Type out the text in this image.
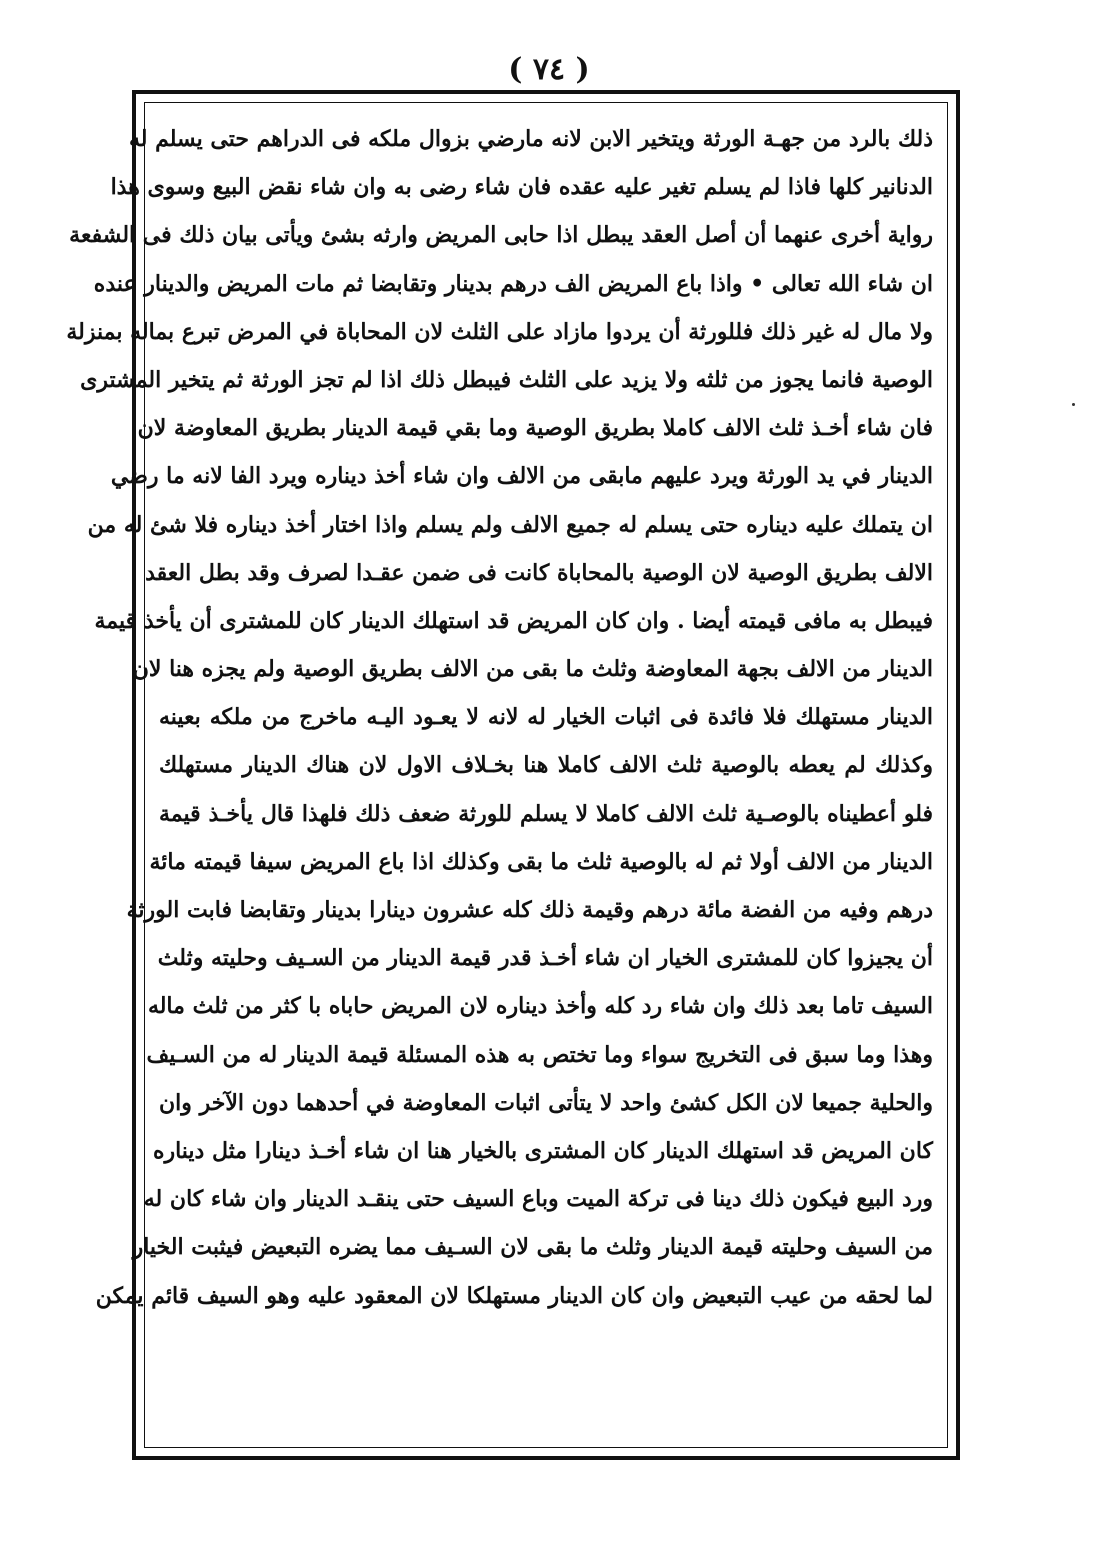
( ٧٤ )
ذلك بالرد من جهـة الورثة ويتخير الابن لانه مارضي بزوال ملكه فى الدراهم حتى يسلم له
الدنانير كلها فاذا لم يسلم تغير عليه عقده فان شاء رضى به وان شاء نقض البيع وسوى هذا
رواية أخرى عنهما أن أصل العقد يبطل اذا حابى المريض وارثه بشئ ويأتى بيان ذلك فى الشفعة
ان شاء الله تعالى • واذا باع المريض الف درهم بدينار وتقابضا ثم مات المريض والدينار عنده
ولا مال له غير ذلك فللورثة أن يردوا مازاد على الثلث لان المحاباة في المرض تبرع بماله بمنزلة
الوصية فانما يجوز من ثلثه ولا يزيد على الثلث فيبطل ذلك اذا لم تجز الورثة ثم يتخير المشترى
فان شاء أخـذ ثلث الالف كاملا بطريق الوصية وما بقي قيمة الدينار بطريق المعاوضة لان
الدينار في يد الورثة ويرد عليهم مابقى من الالف وان شاء أخذ ديناره ويرد الفا لانه ما رضي
ان يتملك عليه ديناره حتى يسلم له جميع الالف ولم يسلم واذا اختار أخذ ديناره فلا شئ له من
الالف بطريق الوصية لان الوصية بالمحاباة كانت فى ضمن عقـدا لصرف وقد بطل العقد
فيبطل به مافى قيمته أيضا . وان كان المريض قد استهلك الدينار كان للمشترى أن يأخذ قيمة
الدينار من الالف بجهة المعاوضة وثلث ما بقى من الالف بطريق الوصية ولم يجزه هنا لان
الدينار مستهلك فلا فائدة فى اثبات الخيار له لانه لا يعـود اليـه ماخرج من ملكه بعينه
وكذلك لم يعطه بالوصية ثلث الالف كاملا هنا بخـلاف الاول لان هناك الدينار مستهلك
فلو أعطيناه بالوصـية ثلث الالف كاملا لا يسلم للورثة ضعف ذلك فلهذا قال يأخـذ قيمة
الدينار من الالف أولا ثم له بالوصية ثلث ما بقى وكذلك اذا باع المريض سيفا قيمته مائة
درهم وفيه من الفضة مائة درهم وقيمة ذلك كله عشرون دينارا بدينار وتقابضا فابت الورثة
أن يجيزوا كان للمشترى الخيار ان شاء أخـذ قدر قيمة الدينار من السـيف وحليته وثلث
السيف تاما بعد ذلك وان شاء رد كله وأخذ ديناره لان المريض حاباه با كثر من ثلث ماله
وهذا وما سبق فى التخريج سواء وما تختص به هذه المسئلة قيمة الدينار له من السـيف
والحلية جميعا لان الكل كشئ واحد لا يتأتى اثبات المعاوضة في أحدهما دون الآخر وان
كان المريض قد استهلك الدينار كان المشترى بالخيار هنا ان شاء أخـذ دينارا مثل ديناره
ورد البيع فيكون ذلك دينا فى تركة الميت وباع السيف حتى ينقـد الدينار وان شاء كان له
من السيف وحليته قيمة الدينار وثلث ما بقى لان السـيف مما يضره التبعيض فيثبت الخيار
لما لحقه من عيب التبعيض وان كان الدينار مستهلكا لان المعقود عليه وهو السيف قائم يمكن
